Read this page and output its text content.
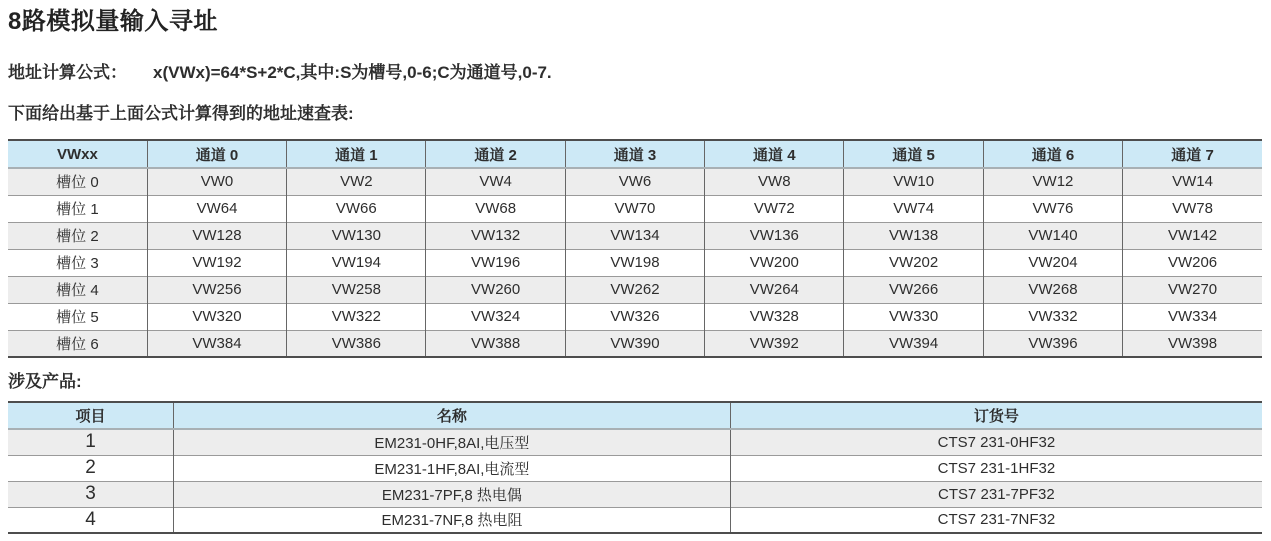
8路模拟量输入寻址

地址计算公式： x(VWx)=64*S+2*C,其中:S为槽号,0-6;C为通道号,0-7.

下面给出基于上面公式计算得到的地址速查表:

VWxx	通道 0	通道 1	通道 2	通道 3	通道 4	通道 5	通道 6	通道 7
槽位 0	VW0	VW2	VW4	VW6	VW8	VW10	VW12	VW14
槽位 1	VW64	VW66	VW68	VW70	VW72	VW74	VW76	VW78
槽位 2	VW128	VW130	VW132	VW134	VW136	VW138	VW140	VW142
槽位 3	VW192	VW194	VW196	VW198	VW200	VW202	VW204	VW206
槽位 4	VW256	VW258	VW260	VW262	VW264	VW266	VW268	VW270
槽位 5	VW320	VW322	VW324	VW326	VW328	VW330	VW332	VW334
槽位 6	VW384	VW386	VW388	VW390	VW392	VW394	VW396	VW398

涉及产品:

项目	名称	订货号
1	EM231-0HF,8AI,电压型	CTS7 231-0HF32
2	EM231-1HF,8AI,电流型	CTS7 231-1HF32
3	EM231-7PF,8 热电偶	CTS7 231-7PF32
4	EM231-7NF,8 热电阻	CTS7 231-7NF32
